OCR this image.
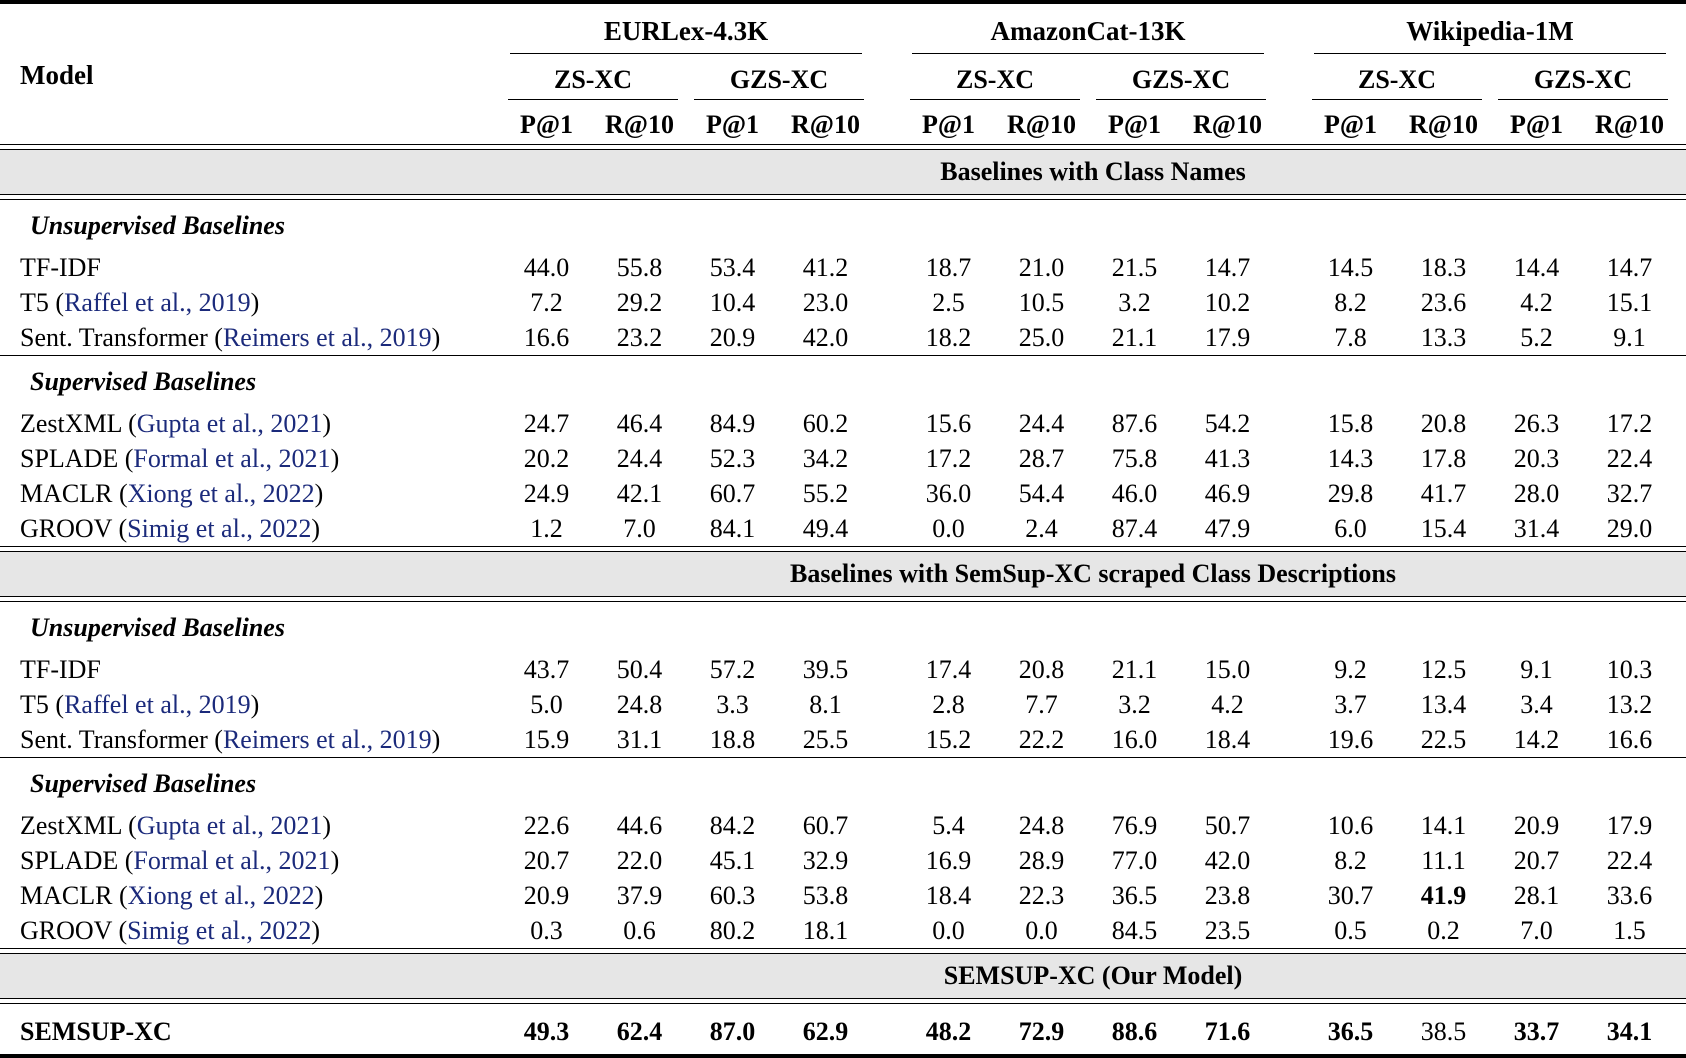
Model
EURLex-4.3K
ZS-XC
P@1	R@10
GZS-XC
P@1	R@10
AmazonCat-13K
ZS-XC
P@1	R@10
GZS-XC
P@1	R@10
Wikipedia-1M
ZS-XC
P@1	R@10
GZS-XC
P@1	R@10
Baselines with Class Names
Unsupervised Baselines
TF-IDF	44.0	55.8	53.4	41.2	18.7	21.0	21.5	14.7	14.5	18.3	14.4	14.7
T5 (Raffel et al., 2019)	7.2	29.2	10.4	23.0	2.5	10.5	3.2	10.2	8.2	23.6	4.2	15.1
Sent. Transformer (Reimers et al., 2019)	16.6	23.2	20.9	42.0	18.2	25.0	21.1	17.9	7.8	13.3	5.2	9.1
Supervised Baselines
ZestXML (Gupta et al., 2021)	24.7	46.4	84.9	60.2	15.6	24.4	87.6	54.2	15.8	20.8	26.3	17.2
SPLADE (Formal et al., 2021)	20.2	24.4	52.3	34.2	17.2	28.7	75.8	41.3	14.3	17.8	20.3	22.4
MACLR (Xiong et al., 2022)	24.9	42.1	60.7	55.2	36.0	54.4	46.0	46.9	29.8	41.7	28.0	32.7
GROOV (Simig et al., 2022)	1.2	7.0	84.1	49.4	0.0	2.4	87.4	47.9	6.0	15.4	31.4	29.0
Baselines with SemSup-XC scraped Class Descriptions
Unsupervised Baselines
TF-IDF	43.7	50.4	57.2	39.5	17.4	20.8	21.1	15.0	9.2	12.5	9.1	10.3
T5 (Raffel et al., 2019)	5.0	24.8	3.3	8.1	2.8	7.7	3.2	4.2	3.7	13.4	3.4	13.2
Sent. Transformer (Reimers et al., 2019)	15.9	31.1	18.8	25.5	15.2	22.2	16.0	18.4	19.6	22.5	14.2	16.6
Supervised Baselines
ZestXML (Gupta et al., 2021)	22.6	44.6	84.2	60.7	5.4	24.8	76.9	50.7	10.6	14.1	20.9	17.9
SPLADE (Formal et al., 2021)	20.7	22.0	45.1	32.9	16.9	28.9	77.0	42.0	8.2	11.1	20.7	22.4
MACLR (Xiong et al., 2022)	20.9	37.9	60.3	53.8	18.4	22.3	36.5	23.8	30.7	41.9	28.1	33.6
GROOV (Simig et al., 2022)	0.3	0.6	80.2	18.1	0.0	0.0	84.5	23.5	0.5	0.2	7.0	1.5
SEMSUP-XC (Our Model)
SEMSUP-XC	49.3	62.4	87.0	62.9	48.2	72.9	88.6	71.6	36.5	38.5	33.7	34.1
